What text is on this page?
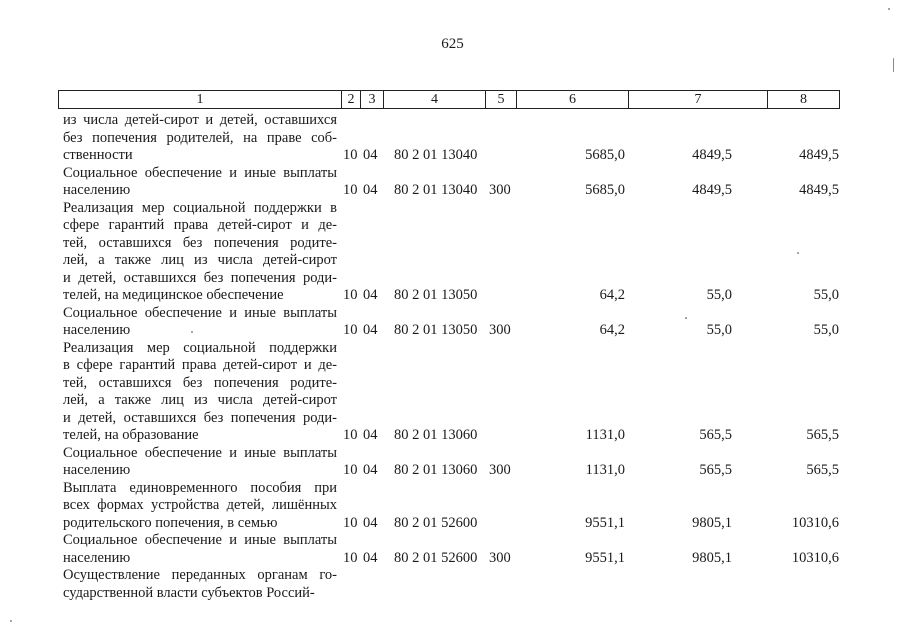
625
1	2	3	4	5	6	7	8
из числа детей-сирот и детей, оставшихся
без попечения родителей, на праве соб-
ственности	10 04 80 2 01 13040	5685,0	4849,5	4849,5
Социальное обеспечение и иные выплаты
населению	10 04 80 2 01 13040 300	5685,0	4849,5	4849,5
Реализация мер социальной поддержки в
сфере гарантий права детей-сирот и де-
тей, оставшихся без попечения родите-
лей, а также лиц из числа детей-сирот
и детей, оставшихся без попечения роди-
телей, на медицинское обеспечение	10 04 80 2 01 13050	64,2	55,0	55,0
Социальное обеспечение и иные выплаты
населению	10 04 80 2 01 13050 300	64,2	55,0	55,0
Реализация мер социальной поддержки
в сфере гарантий права детей-сирот и де-
тей, оставшихся без попечения родите-
лей, а также лиц из числа детей-сирот
и детей, оставшихся без попечения роди-
телей, на образование	10 04 80 2 01 13060	1131,0	565,5	565,5
Социальное обеспечение и иные выплаты
населению	10 04 80 2 01 13060 300	1131,0	565,5	565,5
Выплата единовременного пособия при
всех формах устройства детей, лишённых
родительского попечения, в семью	10 04 80 2 01 52600	9551,1	9805,1	10310,6
Социальное обеспечение и иные выплаты
населению	10 04 80 2 01 52600 300	9551,1	9805,1	10310,6
Осуществление переданных органам го-
сударственной власти субъектов Россий-
